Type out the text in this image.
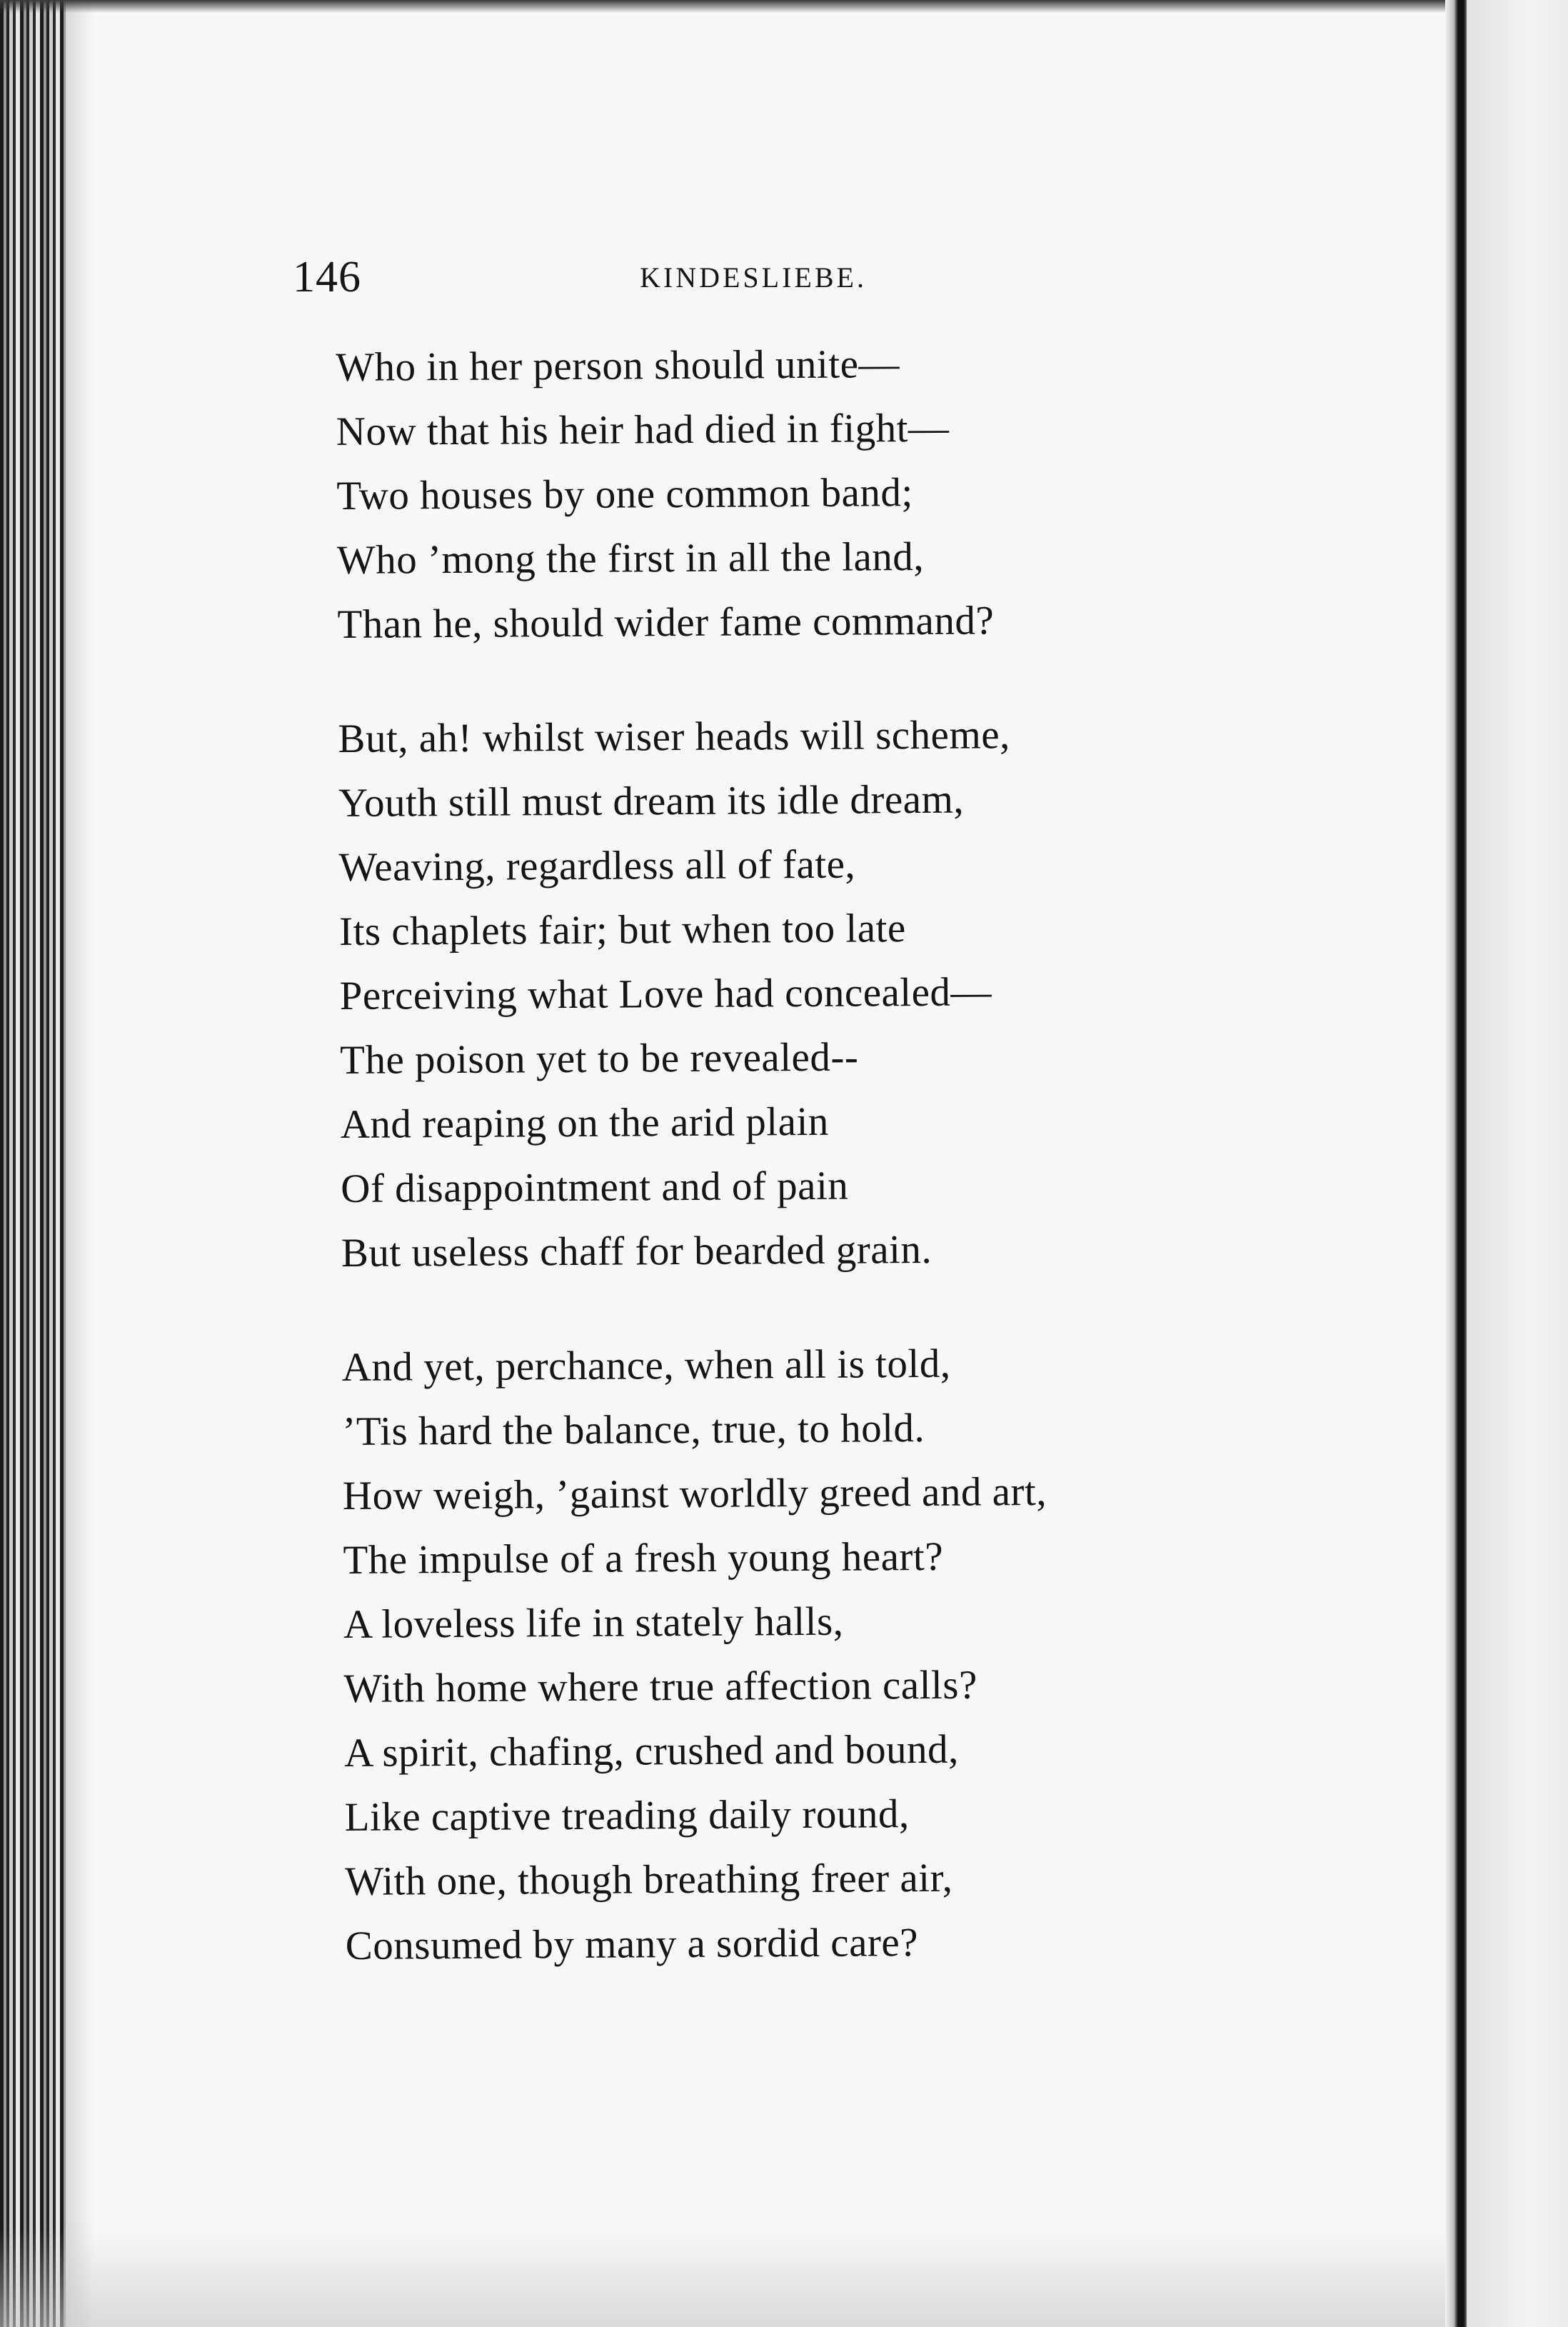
146	KINDESLIEBE.
Who in her person should unite—
Now that his heir had died in fight—
Two houses by one common band;
Who ’mong the first in all the land,
Than he, should wider fame command?
But, ah! whilst wiser heads will scheme,
Youth still must dream its idle dream,
Weaving, regardless all of fate,
Its chaplets fair; but when too late
Perceiving what Love had concealed—
The poison yet to be revealed--
And reaping on the arid plain
Of disappointment and of pain
But useless chaff for bearded grain.
And yet, perchance, when all is told,
’Tis hard the balance, true, to hold.
How weigh, ’gainst worldly greed and art,
The impulse of a fresh young heart?
A loveless life in stately halls,
With home where true affection calls?
A spirit, chafing, crushed and bound,
Like captive treading daily round,
With one, though breathing freer air,
Consumed by many a sordid care?
